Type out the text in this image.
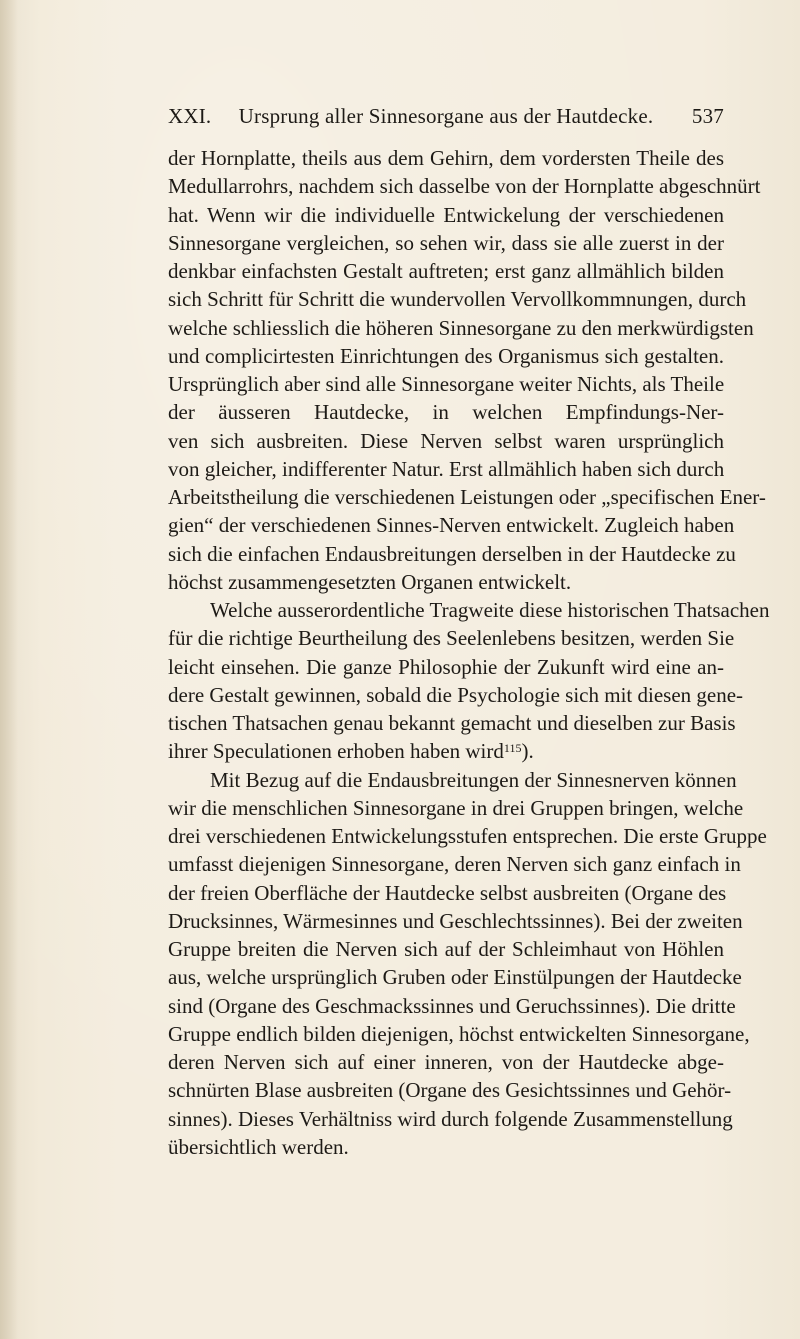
XXI.	Ursprung aller Sinnesorgane aus der Hautdecke.	537
der Hornplatte, theils aus dem Gehirn, dem vordersten Theile des
Medullarrohrs, nachdem sich dasselbe von der Hornplatte abgeschnürt
hat. Wenn wir die individuelle Entwickelung der verschiedenen
Sinnesorgane vergleichen, so sehen wir, dass sie alle zuerst in der
denkbar einfachsten Gestalt auftreten; erst ganz allmählich bilden
sich Schritt für Schritt die wundervollen Vervollkommnungen, durch
welche schliesslich die höheren Sinnesorgane zu den merkwürdigsten
und complicirtesten Einrichtungen des Organismus sich gestalten.
Ursprünglich aber sind alle Sinnesorgane weiter Nichts, als Theile
der äusseren Hautdecke, in welchen Empfindungs-Ner-
ven sich ausbreiten. Diese Nerven selbst waren ursprünglich
von gleicher, indifferenter Natur. Erst allmählich haben sich durch
Arbeitstheilung die verschiedenen Leistungen oder „specifischen Ener-
gien“ der verschiedenen Sinnes-Nerven entwickelt. Zugleich haben
sich die einfachen Endausbreitungen derselben in der Hautdecke zu
höchst zusammengesetzten Organen entwickelt.
Welche ausserordentliche Tragweite diese historischen Thatsachen
für die richtige Beurtheilung des Seelenlebens besitzen, werden Sie
leicht einsehen. Die ganze Philosophie der Zukunft wird eine an-
dere Gestalt gewinnen, sobald die Psychologie sich mit diesen gene-
tischen Thatsachen genau bekannt gemacht und dieselben zur Basis
ihrer Speculationen erhoben haben wird$^{115}$).
Mit Bezug auf die Endausbreitungen der Sinnesnerven können
wir die menschlichen Sinnesorgane in drei Gruppen bringen, welche
drei verschiedenen Entwickelungsstufen entsprechen. Die erste Gruppe
umfasst diejenigen Sinnesorgane, deren Nerven sich ganz einfach in
der freien Oberfläche der Hautdecke selbst ausbreiten (Organe des
Drucksinnes, Wärmesinnes und Geschlechtssinnes). Bei der zweiten
Gruppe breiten die Nerven sich auf der Schleimhaut von Höhlen
aus, welche ursprünglich Gruben oder Einstülpungen der Hautdecke
sind (Organe des Geschmackssinnes und Geruchssinnes). Die dritte
Gruppe endlich bilden diejenigen, höchst entwickelten Sinnesorgane,
deren Nerven sich auf einer inneren, von der Hautdecke abge-
schnürten Blase ausbreiten (Organe des Gesichtssinnes und Gehör-
sinnes). Dieses Verhältniss wird durch folgende Zusammenstellung
übersichtlich werden.
